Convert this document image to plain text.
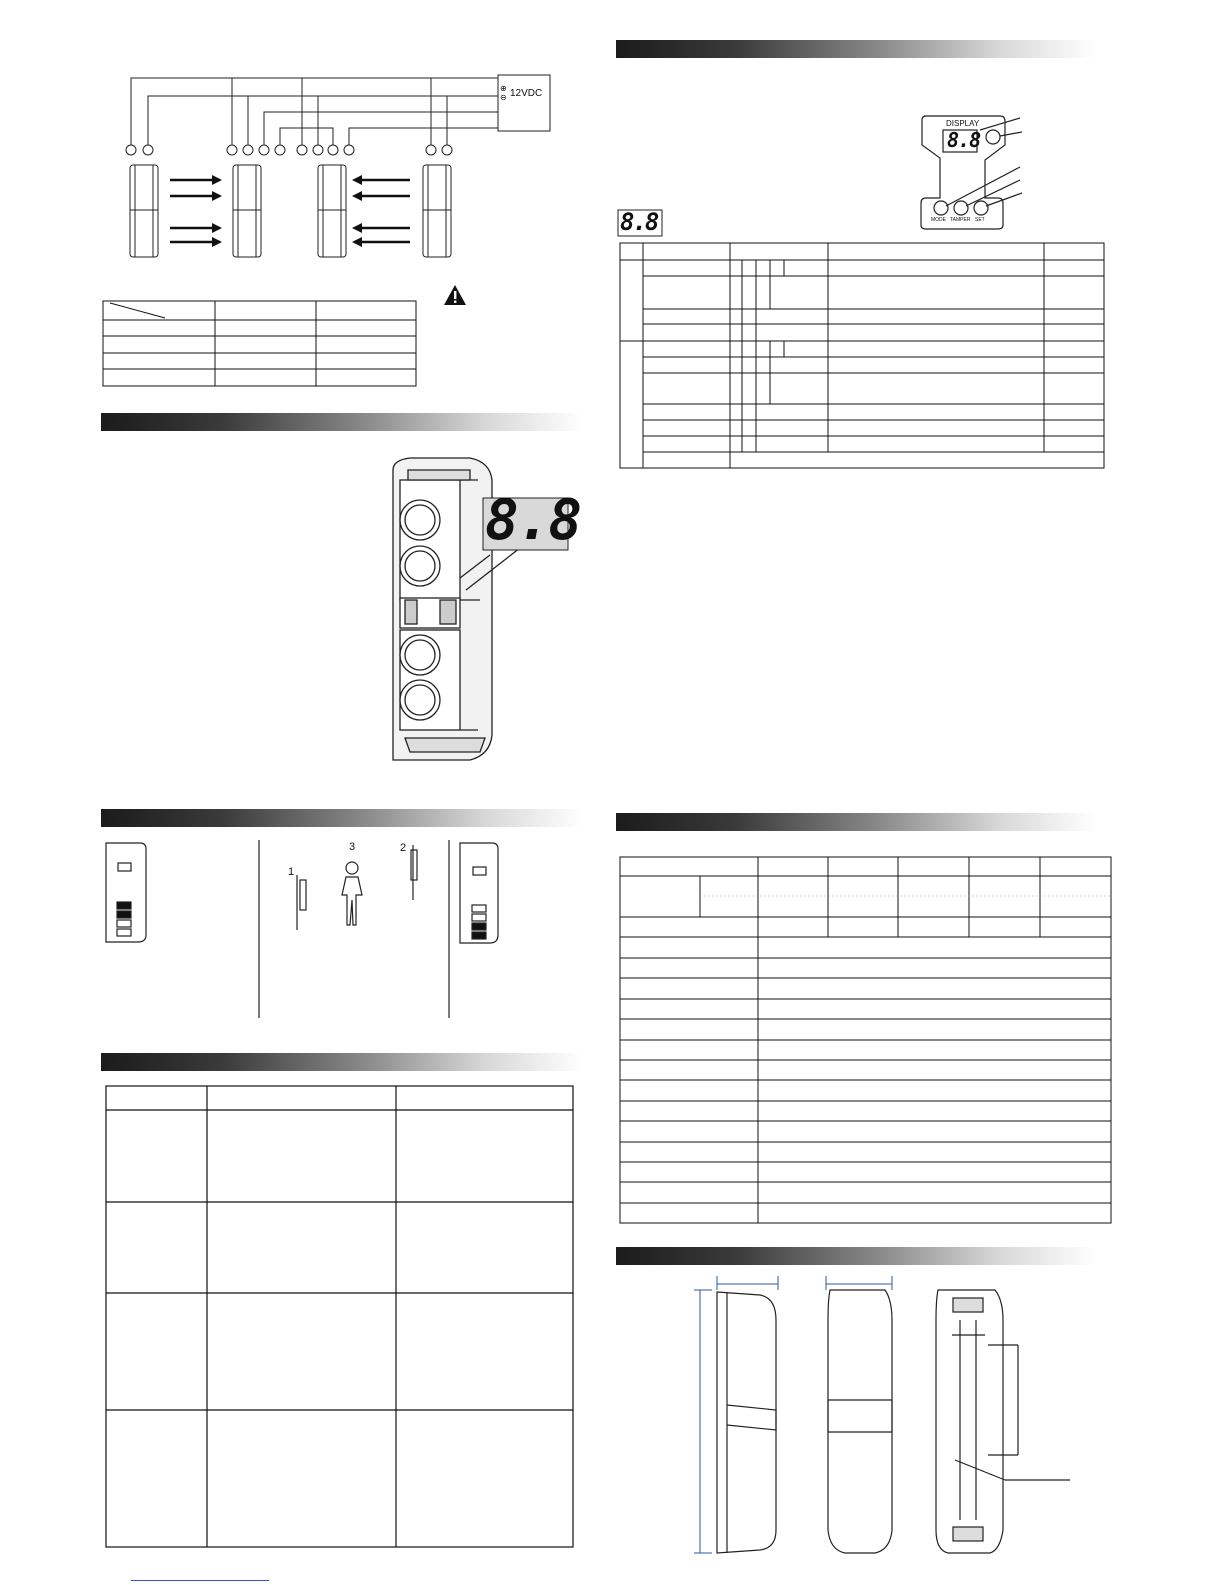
⊕
⊖ 12VDC
8.8
1
3	2
DISPLAY
8.8
MODE TAMPER SET
8.8
